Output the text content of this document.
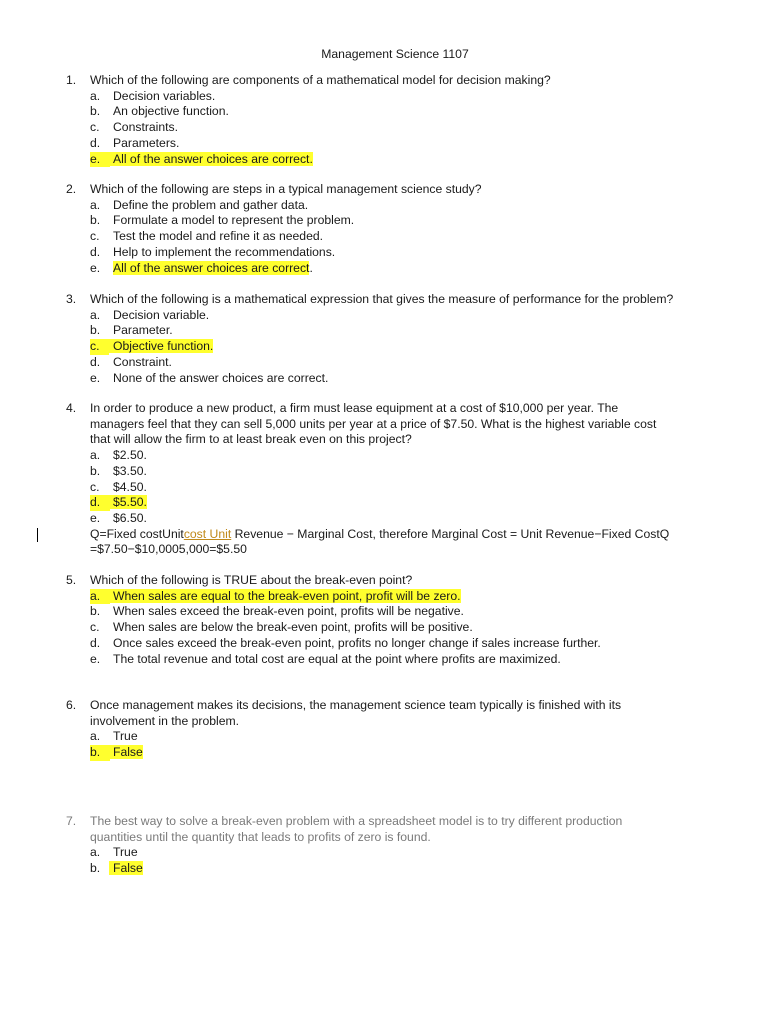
Management Science 1107
1. Which of the following are components of a mathematical model for decision making?
a. Decision variables.
b. An objective function.
c. Constraints.
d. Parameters.
e.	All of the answer choices are correct.
2. Which of the following are steps in a typical management science study?
a. Define the problem and gather data.
b. Formulate a model to represent the problem.
c. Test the model and refine it as needed.
d. Help to implement the recommendations.
e. All of the answer choices are correct.
3. Which of the following is a mathematical expression that gives the measure of performance for the problem?
a. Decision variable.
b. Parameter.
c.	Objective function.
d. Constraint.
e. None of the answer choices are correct.
4. In order to produce a new product, a firm must lease equipment at a cost of $10,000 per year. The managers feel that they can sell 5,000 units per year at a price of $7.50. What is the highest variable cost that will allow the firm to at least break even on this project?
a. $2.50.
b. $3.50.
c. $4.50.
d.	$5.50.
e. $6.50.
Q=Fixed costUnitcost Unit Revenue − Marginal Cost, therefore Marginal Cost = Unit Revenue−Fixed CostQ
=$7.50−$10,0005,000=$5.50
5. Which of the following is TRUE about the break-even point?
a.	When sales are equal to the break-even point, profit will be zero.
b. When sales exceed the break-even point, profits will be negative.
c. When sales are below the break-even point, profits will be positive.
d. Once sales exceed the break-even point, profits no longer change if sales increase further.
e. The total revenue and total cost are equal at the point where profits are maximized.
6. Once management makes its decisions, the management science team typically is finished with its involvement in the problem.
a. True
b.	False
7. The best way to solve a break-even problem with a spreadsheet model is to try different production quantities until the quantity that leads to profits of zero is found.
a. True
b. False
